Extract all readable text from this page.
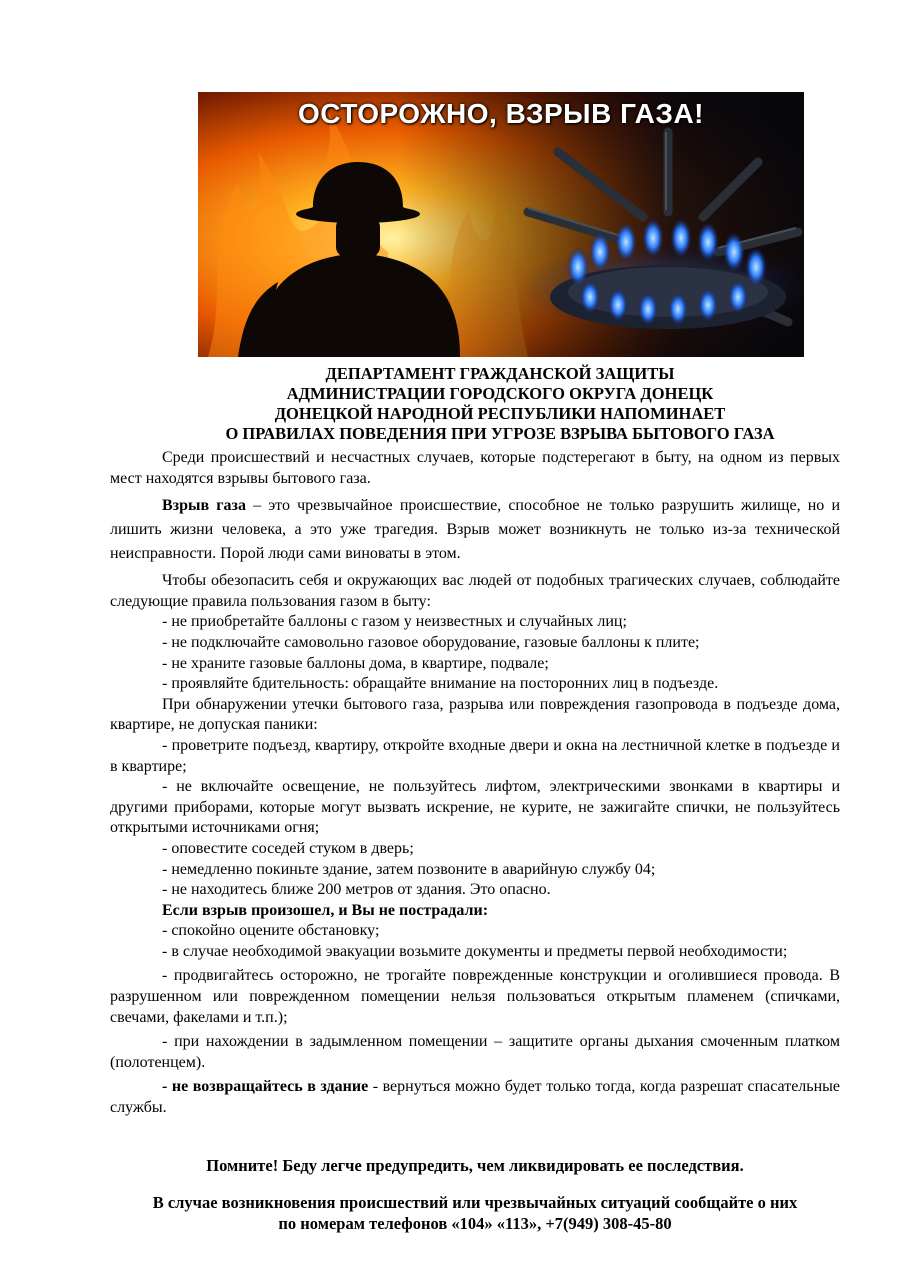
ОСТОРОЖНО, ВЗРЫВ ГАЗА!
ДЕПАРТАМЕНТ ГРАЖДАНСКОЙ ЗАЩИТЫ
АДМИНИСТРАЦИИ ГОРОДСКОГО ОКРУГА ДОНЕЦК
ДОНЕЦКОЙ НАРОДНОЙ РЕСПУБЛИКИ НАПОМИНАЕТ
О ПРАВИЛАХ ПОВЕДЕНИЯ ПРИ УГРОЗЕ ВЗРЫВА БЫТОВОГО ГАЗА

Среди происшествий и несчастных случаев, которые подстерегают в быту, на одном из первых мест находятся взрывы бытового газа.

Взрыв газа – это чрезвычайное происшествие, способное не только разрушить жилище, но и лишить жизни человека, а это уже трагедия. Взрыв может возникнуть не только из-за технической неисправности. Порой люди сами виноваты в этом.

Чтобы обезопасить себя и окружающих вас людей от подобных трагических случаев, соблюдайте следующие правила пользования газом в быту:

- не приобретайте баллоны с газом у неизвестных и случайных лиц;

- не подключайте самовольно газовое оборудование, газовые баллоны к плите;

- не храните газовые баллоны дома, в квартире, подвале;

- проявляйте бдительность: обращайте внимание на посторонних лиц в подъезде.

При обнаружении утечки бытового газа, разрыва или повреждения газопровода в подъезде дома, квартире, не допуская паники:

- проветрите подъезд, квартиру, откройте входные двери и окна на лестничной клетке в подъезде и в квартире;

- не включайте освещение, не пользуйтесь лифтом, электрическими звонками в квартиры и другими приборами, которые могут вызвать искрение, не курите, не зажигайте спички, не пользуйтесь открытыми источниками огня;

- оповестите соседей стуком в дверь;

- немедленно покиньте здание, затем позвоните в аварийную службу 04;

- не находитесь ближе 200 метров от здания. Это опасно.

Если взрыв произошел, и Вы не пострадали:

- спокойно оцените обстановку;

- в случае необходимой эвакуации возьмите документы и предметы первой необходимости;

- продвигайтесь осторожно, не трогайте поврежденные конструкции и оголившиеся провода. В разрушенном или поврежденном помещении нельзя пользоваться открытым пламенем (спичками, свечами, факелами и т.п.);

- при нахождении в задымленном помещении – защитите органы дыхания смоченным платком (полотенцем).

- не возвращайтесь в здание - вернуться можно будет только тогда, когда разрешат спасательные службы.

Помните! Беду легче предупредить, чем ликвидировать ее последствия.
В случае возникновения происшествий или чрезвычайных ситуаций сообщайте о них
по номерам телефонов «104» «113», +7(949) 308-45-80
